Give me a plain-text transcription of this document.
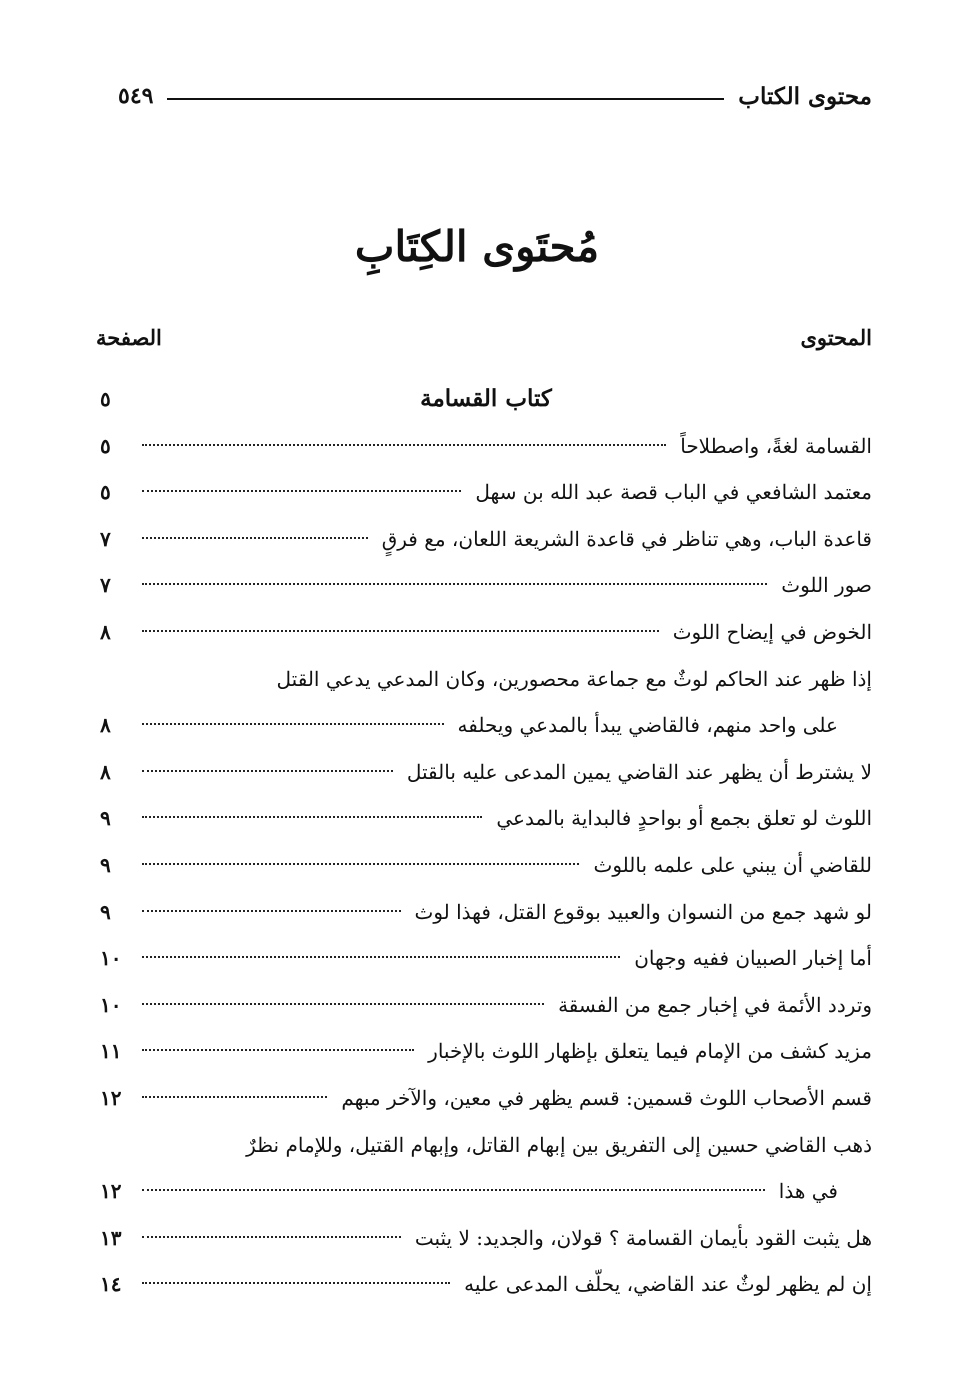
محتوى الكتاب
٥٤٩
مُحتَوى الكِتَابِ
المحتوى
الصفحة
كتاب القسامة
٥
القسامة لغةً، واصطلاحاً
٥
معتمد الشافعي في الباب قصة عبد الله بن سهل
٥
قاعدة الباب، وهي تناظر في قاعدة الشريعة اللعان، مع فرقٍ
٧
صور اللوث
٧
الخوض في إيضاح اللوث
٨
إذا ظهر عند الحاكم لوثٌ مع جماعة محصورين، وكان المدعي يدعي القتل
على واحد منهم، فالقاضي يبدأ بالمدعي ويحلفه
٨
لا يشترط أن يظهر عند القاضي يمين المدعى عليه بالقتل
٨
اللوث لو تعلق بجمع أو بواحدٍ فالبداية بالمدعي
٩
للقاضي أن يبني على علمه باللوث
٩
لو شهد جمع من النسوان والعبيد بوقوع القتل، فهذا لوث
٩
أما إخبار الصبيان ففيه وجهان
١٠
وتردد الأئمة في إخبار جمع من الفسقة
١٠
مزيد كشف من الإمام فيما يتعلق بإظهار اللوث بالإخبار
١١
قسم الأصحاب اللوث قسمين: قسم يظهر في معين، والآخر مبهم
١٢
ذهب القاضي حسين إلى التفريق بين إبهام القاتل، وإبهام القتيل، وللإمام نظرٌ
في هذا
١٢
هل يثبت القود بأيمان القسامة ؟ قولان، والجديد: لا يثبت
١٣
إن لم يظهر لوثٌ عند القاضي، يحلّف المدعى عليه
١٤
